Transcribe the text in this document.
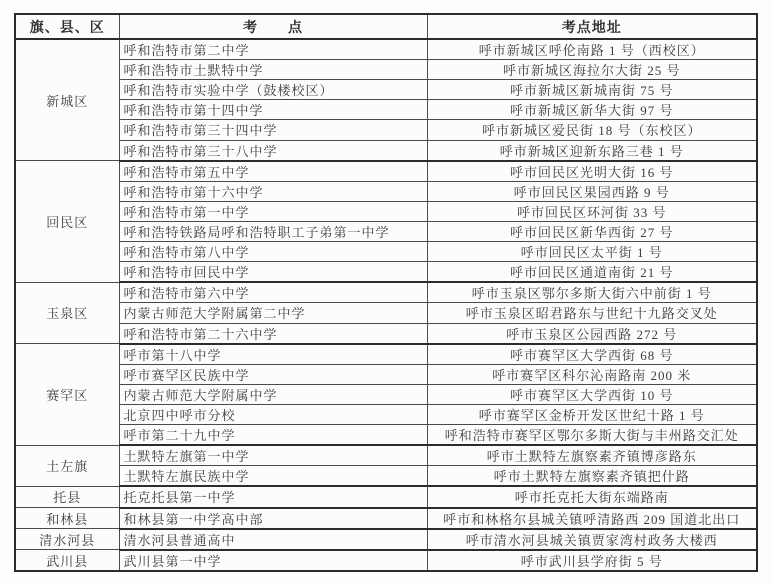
旗、县、区	考　　点	考点地址
新城区	呼和浩特市第二中学	呼市新城区呼伦南路 1 号（西校区）
	呼和浩特市土默特中学	呼市新城区海拉尔大街 25 号
	呼和浩特市实验中学（鼓楼校区）	呼市新城区新城南街 75 号
	呼和浩特市第十四中学	呼市新城区新华大街 97 号
	呼和浩特市第三十四中学	呼市新城区爱民街 18 号（东校区）
	呼和浩特市第三十八中学	呼市新城区迎新东路三巷 1 号
回民区	呼和浩特市第五中学	呼市回民区光明大街 16 号
	呼和浩特市第十六中学	呼市回民区果园西路 9 号
	呼和浩特市第一中学	呼市回民区环河街 33 号
	呼和浩特铁路局呼和浩特职工子弟第一中学	呼市回民区新华西街 27 号
	呼和浩特市第八中学	呼市回民区太平街 1 号
	呼和浩特市回民中学	呼市回民区通道南街 21 号
玉泉区	呼和浩特市第六中学	呼市玉泉区鄂尔多斯大街六中前街 1 号
	内蒙古师范大学附属第二中学	呼市玉泉区昭君路东与世纪十九路交叉处
	呼和浩特市第二十六中学	呼市玉泉区公园西路 272 号
赛罕区	呼市第十八中学	呼市赛罕区大学西街 68 号
	呼市赛罕区民族中学	呼市赛罕区科尔沁南路南 200 米
	内蒙古师范大学附属中学	呼市赛罕区大学西街 10 号
	北京四中呼市分校	呼市赛罕区金桥开发区世纪十路 1 号
	呼市第二十九中学	呼和浩特市赛罕区鄂尔多斯大街与丰州路交汇处
土左旗	土默特左旗第一中学	呼市土默特左旗察素齐镇博彦路东
	土默特左旗民族中学	呼市土默特左旗察素齐镇把什路
托县	托克托县第一中学	呼市托克托大街东端路南
和林县	和林县第一中学高中部	呼市和林格尔县城关镇呼清路西 209 国道北出口
清水河县	清水河县普通高中	呼市清水河县城关镇贾家湾村政务大楼西
武川县	武川县第一中学	呼市武川县学府街 5 号
